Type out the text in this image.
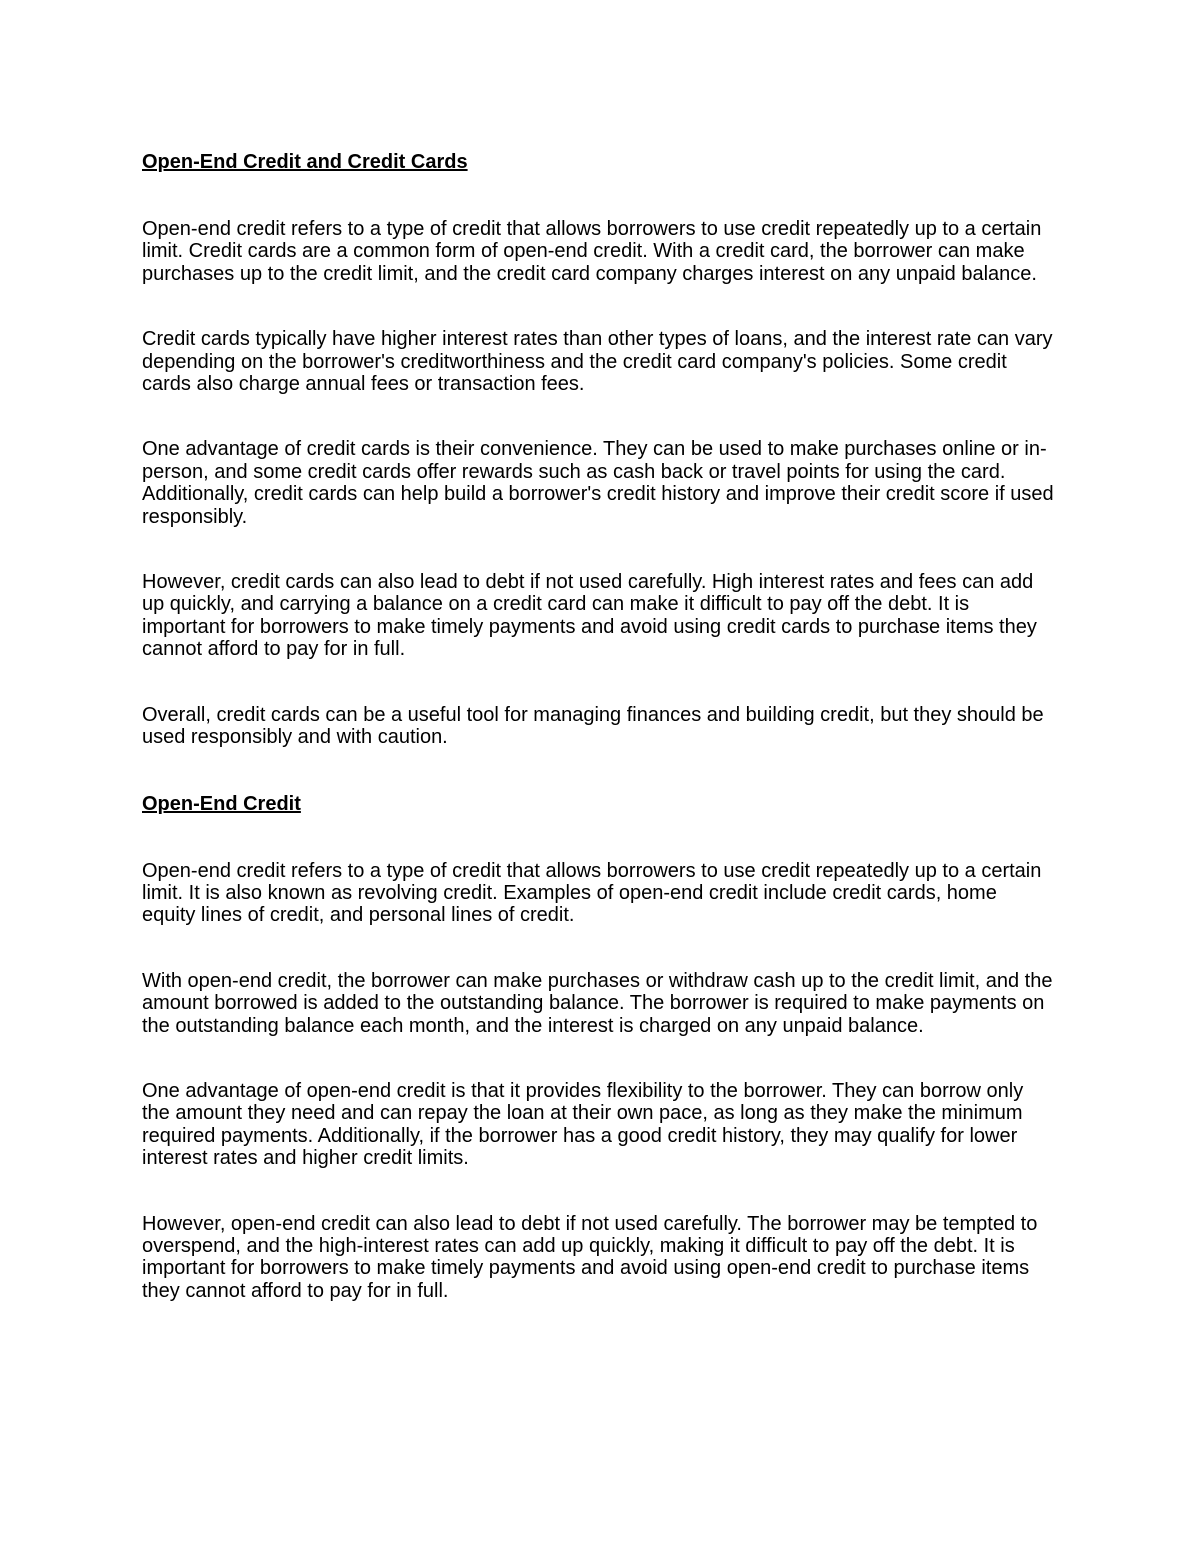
Open-End Credit and Credit Cards

Open-end credit refers to a type of credit that allows borrowers to use credit repeatedly up to a certain limit. Credit cards are a common form of open-end credit. With a credit card, the borrower can make purchases up to the credit limit, and the credit card company charges interest on any unpaid balance.

Credit cards typically have higher interest rates than other types of loans, and the interest rate can vary depending on the borrower's creditworthiness and the credit card company's policies. Some credit cards also charge annual fees or transaction fees.

One advantage of credit cards is their convenience. They can be used to make purchases online or in-person, and some credit cards offer rewards such as cash back or travel points for using the card. Additionally, credit cards can help build a borrower's credit history and improve their credit score if used responsibly.

However, credit cards can also lead to debt if not used carefully. High interest rates and fees can add up quickly, and carrying a balance on a credit card can make it difficult to pay off the debt. It is important for borrowers to make timely payments and avoid using credit cards to purchase items they cannot afford to pay for in full.

Overall, credit cards can be a useful tool for managing finances and building credit, but they should be used responsibly and with caution.

Open-End Credit

Open-end credit refers to a type of credit that allows borrowers to use credit repeatedly up to a certain limit. It is also known as revolving credit. Examples of open-end credit include credit cards, home equity lines of credit, and personal lines of credit.

With open-end credit, the borrower can make purchases or withdraw cash up to the credit limit, and the amount borrowed is added to the outstanding balance. The borrower is required to make payments on the outstanding balance each month, and the interest is charged on any unpaid balance.

One advantage of open-end credit is that it provides flexibility to the borrower. They can borrow only the amount they need and can repay the loan at their own pace, as long as they make the minimum required payments. Additionally, if the borrower has a good credit history, they may qualify for lower interest rates and higher credit limits.

However, open-end credit can also lead to debt if not used carefully. The borrower may be tempted to overspend, and the high-interest rates can add up quickly, making it difficult to pay off the debt. It is important for borrowers to make timely payments and avoid using open-end credit to purchase items they cannot afford to pay for in full.
